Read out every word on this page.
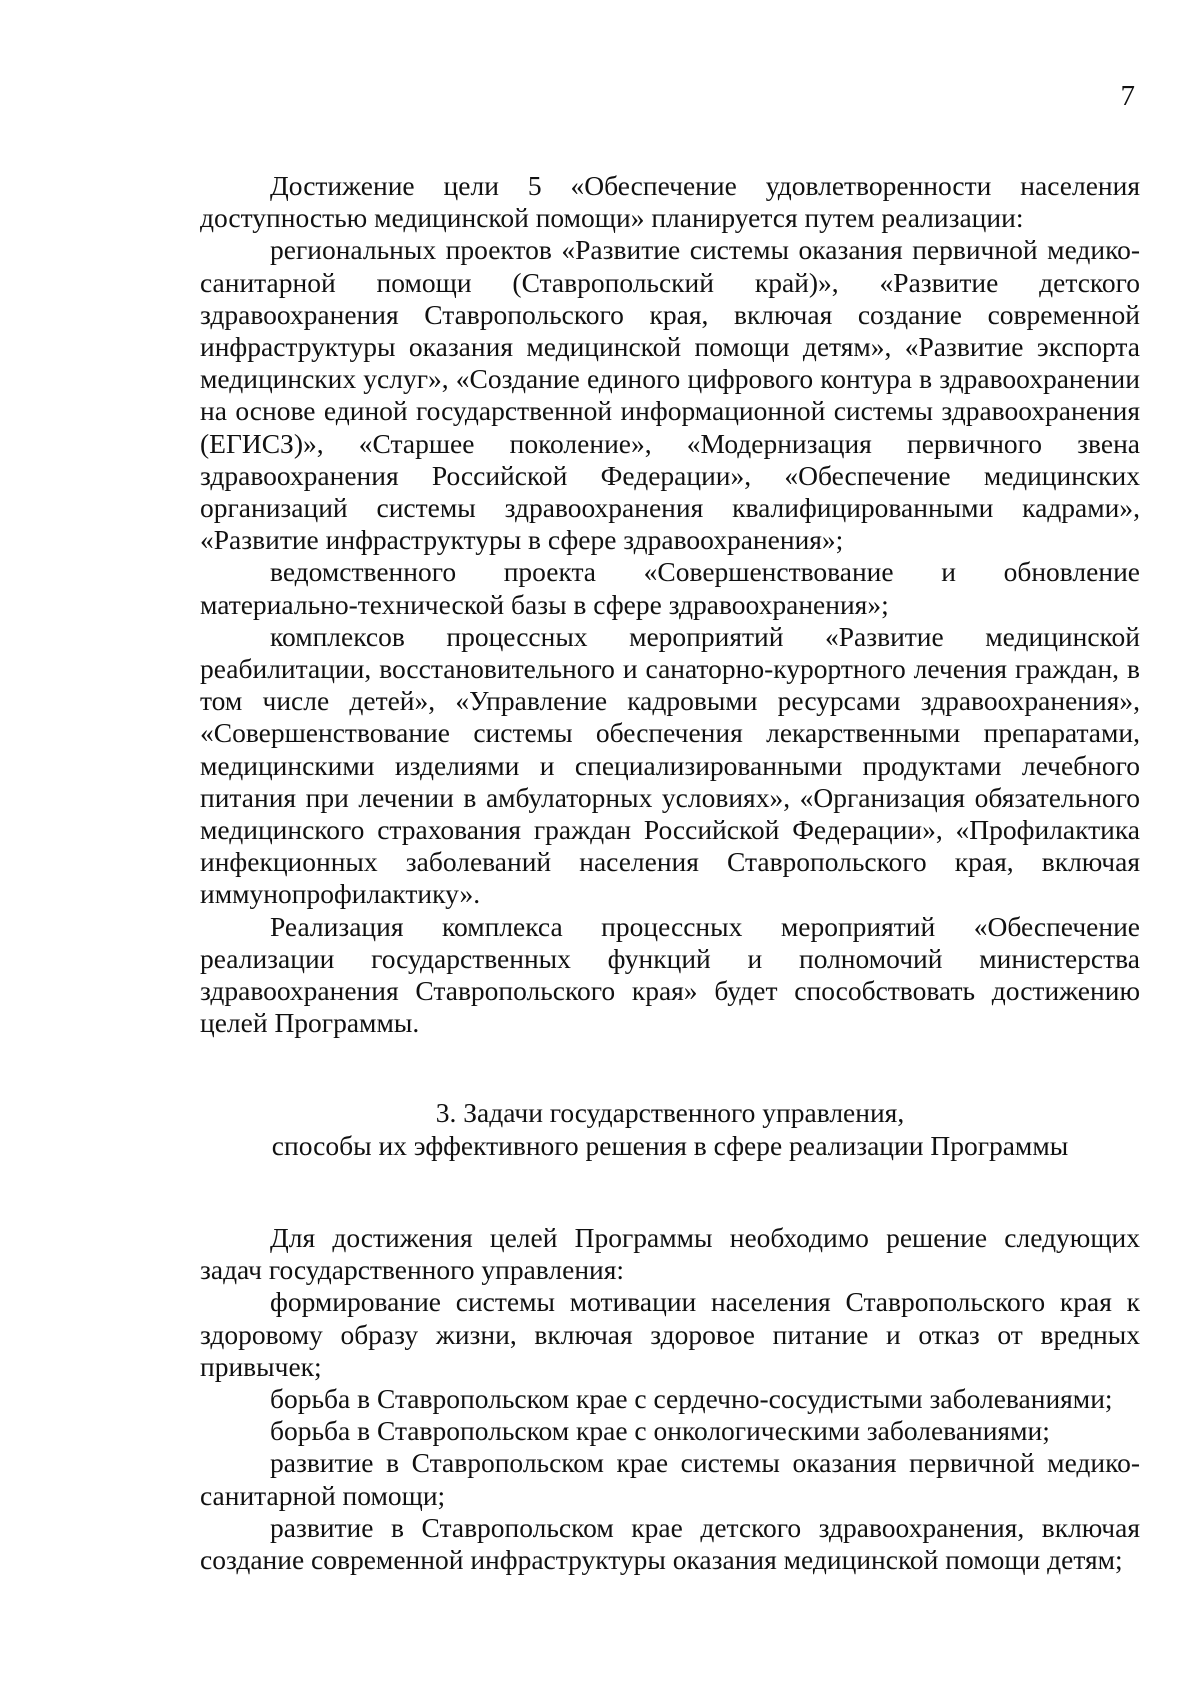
7

Достижение цели 5 «Обеспечение удовлетворенности населения доступностью медицинской помощи» планируется путем реализации:

региональных проектов «Развитие системы оказания первичной медико-санитарной помощи (Ставропольский край)», «Развитие детского здравоохранения Ставропольского края, включая создание современной инфраструктуры оказания медицинской помощи детям», «Развитие экспорта медицинских услуг», «Создание единого цифрового контура в здравоохранении на основе единой государственной информационной системы здравоохранения (ЕГИСЗ)», «Старшее поколение», «Модернизация первичного звена здравоохранения Российской Федерации», «Обеспечение медицинских организаций системы здравоохранения квалифицированными кадрами», «Развитие инфраструктуры в сфере здравоохранения»;

ведомственного проекта «Совершенствование и обновление материально-технической базы в сфере здравоохранения»;

комплексов процессных мероприятий «Развитие медицинской реабилитации, восстановительного и санаторно-курортного лечения граждан, в том числе детей», «Управление кадровыми ресурсами здравоохранения», «Совершенствование системы обеспечения лекарственными препаратами, медицинскими изделиями и специализированными продуктами лечебного питания при лечении в амбулаторных условиях», «Организация обязательного медицинского страхования граждан Российской Федерации», «Профилактика инфекционных заболеваний населения Ставропольского края, включая иммунопрофилактику».

Реализация комплекса процессных мероприятий «Обеспечение реализации государственных функций и полномочий министерства здравоохранения Ставропольского края» будет способствовать достижению целей Программы.

3. Задачи государственного управления,
способы их эффективного решения в сфере реализации Программы

Для достижения целей Программы необходимо решение следующих задач государственного управления:

формирование системы мотивации населения Ставропольского края к здоровому образу жизни, включая здоровое питание и отказ от вредных привычек;

борьба в Ставропольском крае с сердечно-сосудистыми заболеваниями;

борьба в Ставропольском крае с онкологическими заболеваниями;

развитие в Ставропольском крае системы оказания первичной медико-санитарной помощи;

развитие в Ставропольском крае детского здравоохранения, включая создание современной инфраструктуры оказания медицинской помощи детям;
